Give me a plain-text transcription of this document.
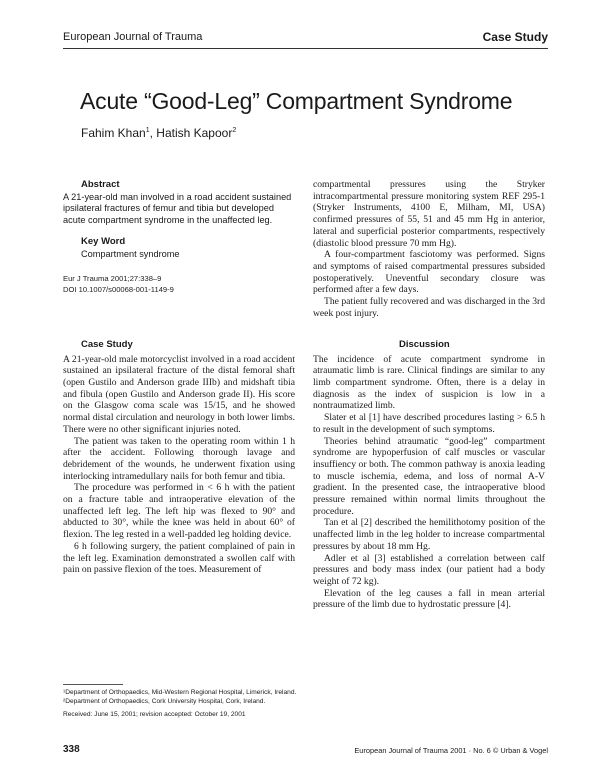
European Journal of Trauma	Case Study
Acute “Good-Leg” Compartment Syndrome
Fahim Khan$^1$, Hatish Kapoor$^2$
Abstract
A 21-year-old man involved in a road accident sustained ipsilateral fractures of femur and tibia but developed acute compartment syndrome in the unaffected leg.
Key Word
Compartment syndrome
Eur J Trauma 2001;27:338–9
DOI 10.1007/s00068-001-1149-9

compartmental pressures using the Stryker intracompartmental pressure monitoring system REF 295-1 (Stryker Instruments, 4100 E, Milham, MI, USA) confirmed pressures of 55, 51 and 45 mm Hg in anterior, lateral and superficial posterior compartments, respectively (diastolic blood pressure 70 mm Hg).

A four-compartment fasciotomy was performed. Signs and symptoms of raised compartmental pressures subsided postoperatively. Uneventful secondary closure was performed after a few days.

The patient fully recovered and was discharged in the 3rd week post injury.

Case Study

A 21-year-old male motorcyclist involved in a road accident sustained an ipsilateral fracture of the distal femoral shaft (open Gustilo and Anderson grade IIIb) and midshaft tibia and fibula (open Gustilo and Anderson grade II). His score on the Glasgow coma scale was 15/15, and he showed normal distal circulation and neurology in both lower limbs. There were no other significant injuries noted.

The patient was taken to the operating room within 1 h after the accident. Following thorough lavage and debridement of the wounds, he underwent fixation using interlocking intramedullary nails for both femur and tibia.

The procedure was performed in < 6 h with the patient on a fracture table and intraoperative elevation of the unaffected left leg. The left hip was flexed to 90° and abducted to 30°, while the knee was held in about 60° of flexion. The leg rested in a well-padded leg holding device.

6 h following surgery, the patient complained of pain in the left leg. Examination demonstrated a swollen calf with pain on passive flexion of the toes. Measurement of

Discussion

The incidence of acute compartment syndrome in atraumatic limb is rare. Clinical findings are similar to any limb compartment syndrome. Often, there is a delay in diagnosis as the index of suspicion is low in a nontraumatized limb.

Slater et al [1] have described procedures lasting > 6.5 h to result in the development of such symptoms.

Theories behind atraumatic “good-leg” compartment syndrome are hypoperfusion of calf muscles or vascular insuffiency or both. The common pathway is anoxia leading to muscle ischemia, edema, and loss of normal A-V gradient. In the presented case, the intraoperative blood pressure remained within normal limits throughout the procedure.

Tan et al [2] described the hemilithotomy position of the unaffected limb in the leg holder to increase compartmental pressures by about 18 mm Hg.

Adler et al [3] established a correlation between calf pressures and body mass index (our patient had a body weight of 72 kg).

Elevation of the leg causes a fall in mean arterial pressure of the limb due to hydrostatic pressure [4].

¹Department of Orthopaedics, Mid-Western Regional Hospital, Limerick, Ireland.
²Department of Orthopaedics, Cork University Hospital, Cork, Ireland.
Received: June 15, 2001; revision accepted: October 19, 2001
338	European Journal of Trauma 2001 · No. 6 © Urban & Vogel
